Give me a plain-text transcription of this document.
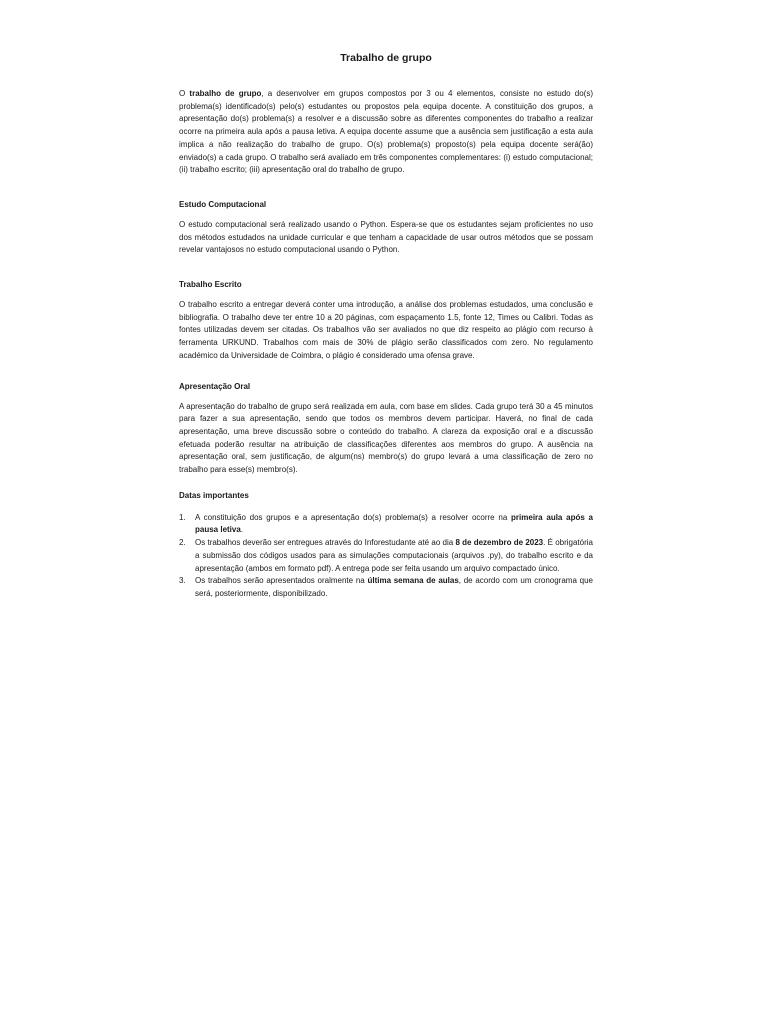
Trabalho de grupo

O trabalho de grupo, a desenvolver em grupos compostos por 3 ou 4 elementos, consiste no estudo do(s) problema(s) identificado(s) pelo(s) estudantes ou propostos pela equipa docente. A constituição dos grupos, a apresentação do(s) problema(s) a resolver e a discussão sobre as diferentes componentes do trabalho a realizar ocorre na primeira aula após a pausa letiva. A equipa docente assume que a ausência sem justificação a esta aula implica a não realização do trabalho de grupo. O(s) problema(s) proposto(s) pela equipa docente será(ão) enviado(s) a cada grupo. O trabalho será avaliado em três componentes complementares: (i) estudo computacional; (ii) trabalho escrito; (iii) apresentação oral do trabalho de grupo.

Estudo Computacional

O estudo computacional será realizado usando o Python. Espera-se que os estudantes sejam proficientes no uso dos métodos estudados na unidade curricular e que tenham a capacidade de usar outros métodos que se possam revelar vantajosos no estudo computacional usando o Python.

Trabalho Escrito

O trabalho escrito a entregar deverá conter uma introdução, a análise dos problemas estudados, uma conclusão e bibliografia. O trabalho deve ter entre 10 a 20 páginas, com espaçamento 1.5, fonte 12, Times ou Calibri. Todas as fontes utilizadas devem ser citadas. Os trabalhos vão ser avaliados no que diz respeito ao plágio com recurso à ferramenta URKUND. Trabalhos com mais de 30% de plágio serão classificados com zero. No regulamento académico da Universidade de Coimbra, o plágio é considerado uma ofensa grave.

Apresentação Oral

A apresentação do trabalho de grupo será realizada em aula, com base em slides. Cada grupo terá 30 a 45 minutos para fazer a sua apresentação, sendo que todos os membros devem participar. Haverá, no final de cada apresentação, uma breve discussão sobre o conteúdo do trabalho. A clareza da exposição oral e a discussão efetuada poderão resultar na atribuição de classificações diferentes aos membros do grupo. A ausência na apresentação oral, sem justificação, de algum(ns) membro(s) do grupo levará a uma classificação de zero no trabalho para esse(s) membro(s).

Datas importantes
1. A constituição dos grupos e a apresentação do(s) problema(s) a resolver ocorre na primeira aula após a pausa letiva.
2. Os trabalhos deverão ser entregues através do Inforestudante até ao dia 8 de dezembro de 2023. É obrigatória a submissão dos códigos usados para as simulações computacionais (arquivos .py), do trabalho escrito e da apresentação (ambos em formato pdf). A entrega pode ser feita usando um arquivo compactado único.
3. Os trabalhos serão apresentados oralmente na última semana de aulas, de acordo com um cronograma que será, posteriormente, disponibilizado.
